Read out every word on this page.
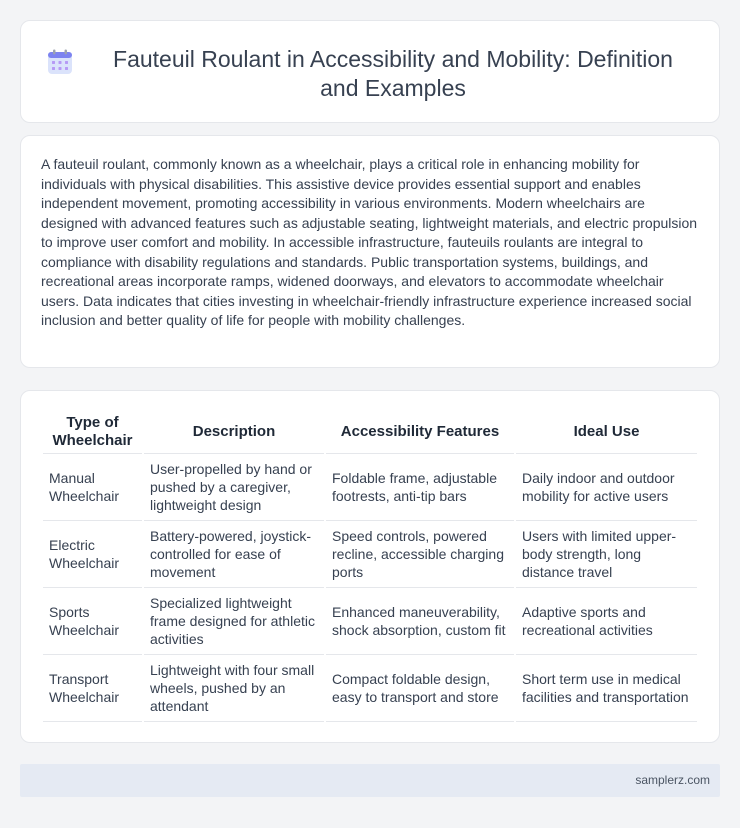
Fauteuil Roulant in Accessibility and Mobility: Definition and Examples

A fauteuil roulant, commonly known as a wheelchair, plays a critical role in enhancing mobility for individuals with physical disabilities. This assistive device provides essential support and enables independent movement, promoting accessibility in various environments. Modern wheelchairs are designed with advanced features such as adjustable seating, lightweight materials, and electric propulsion to improve user comfort and mobility. In accessible infrastructure, fauteuils roulants are integral to compliance with disability regulations and standards. Public transportation systems, buildings, and recreational areas incorporate ramps, widened doorways, and elevators to accommodate wheelchair users. Data indicates that cities investing in wheelchair-friendly infrastructure experience increased social inclusion and better quality of life for people with mobility challenges.

Type of Wheelchair	Description	Accessibility Features	Ideal Use
Manual Wheelchair	User-propelled by hand or pushed by a caregiver, lightweight design	Foldable frame, adjustable footrests, anti-tip bars	Daily indoor and outdoor mobility for active users
Electric Wheelchair	Battery-powered, joystick-controlled for ease of movement	Speed controls, powered recline, accessible charging ports	Users with limited upper-body strength, long distance travel
Sports Wheelchair	Specialized lightweight frame designed for athletic activities	Enhanced maneuverability, shock absorption, custom fit	Adaptive sports and recreational activities
Transport Wheelchair	Lightweight with four small wheels, pushed by an attendant	Compact foldable design, easy to transport and store	Short term use in medical facilities and transportation
samplerz.com
